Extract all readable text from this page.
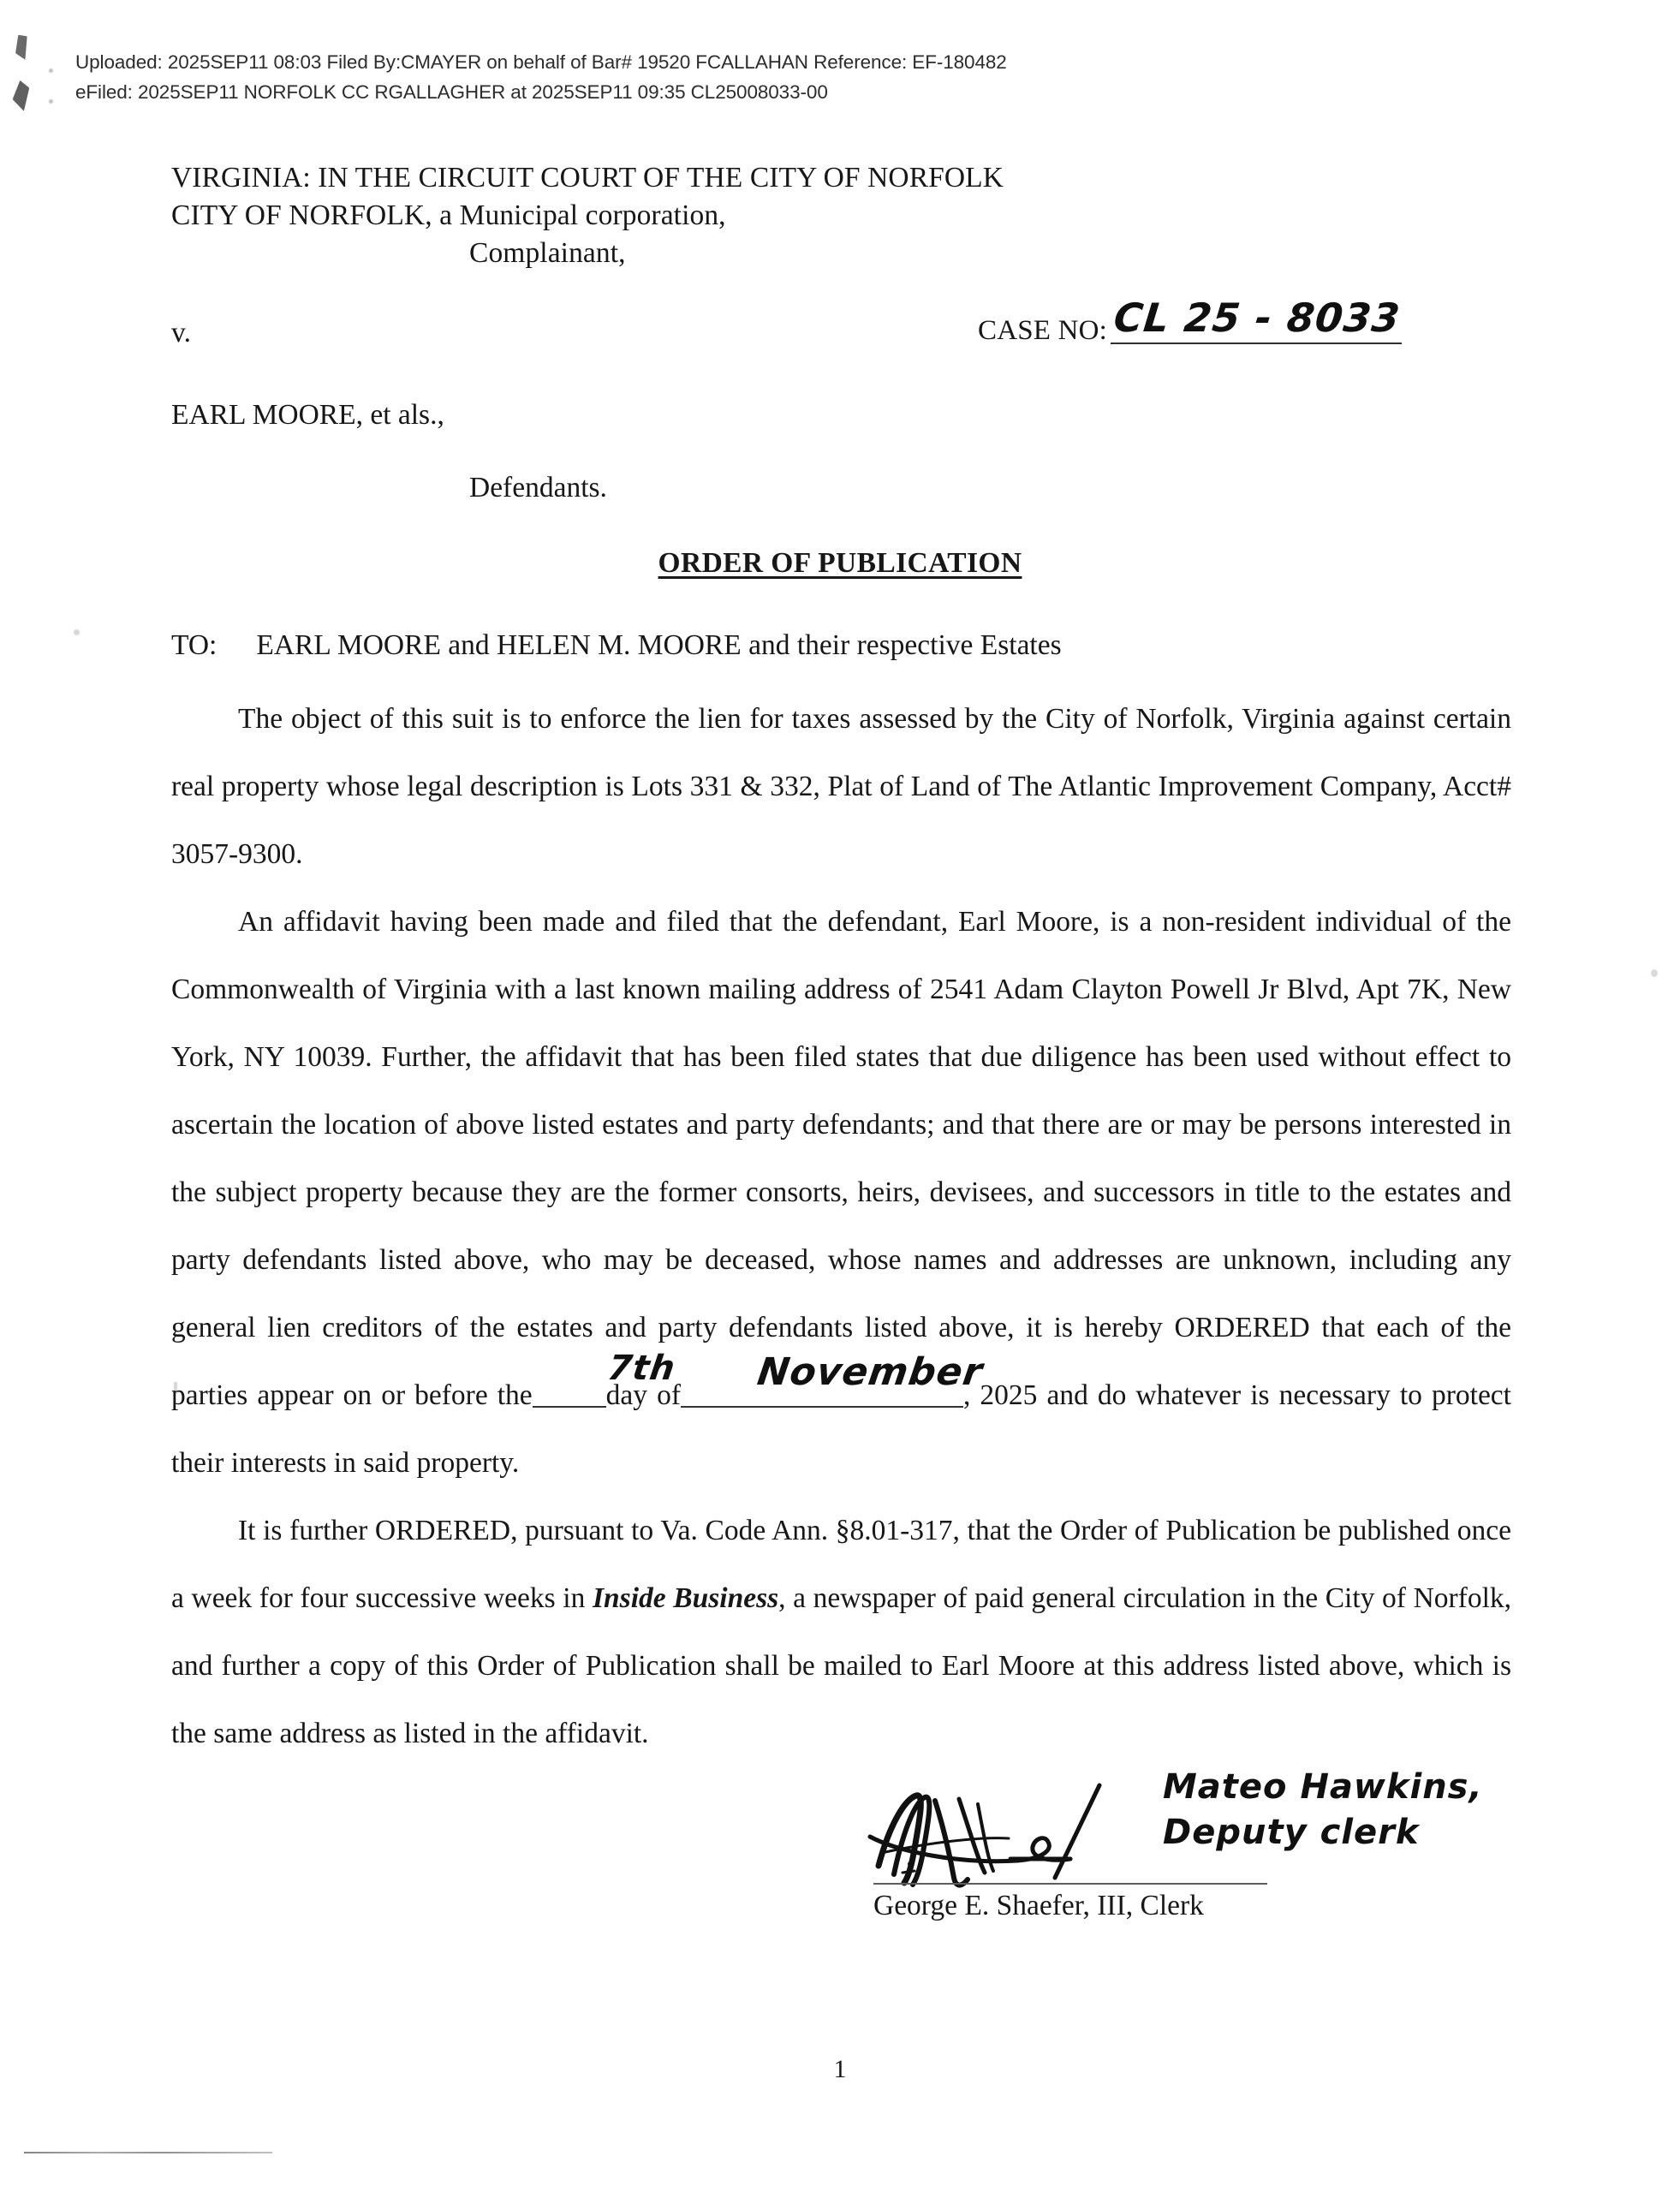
Uploaded: 2025SEP11 08:03 Filed By:CMAYER on behalf of Bar# 19520 FCALLAHAN Reference: EF-180482
eFiled: 2025SEP11 NORFOLK CC RGALLAGHER at 2025SEP11 09:35 CL25008033-00
VIRGINIA: IN THE CIRCUIT COURT OF THE CITY OF NORFOLK
CITY OF NORFOLK, a Municipal corporation,
Complainant,
v.	CASE NO: CL 25 - 8033
EARL MOORE, et als.,
Defendants.
ORDER OF PUBLICATION
TO: EARL MOORE and HELEN M. MOORE and their respective Estates

The object of this suit is to enforce the lien for taxes assessed by the City of Norfolk, Virginia against certain real property whose legal description is Lots 331 & 332, Plat of Land of The Atlantic Improvement Company, Acct# 3057-9300.

An affidavit having been made and filed that the defendant, Earl Moore, is a non-resident individual of the Commonwealth of Virginia with a last known mailing address of 2541 Adam Clayton Powell Jr Blvd, Apt 7K, New York, NY 10039. Further, the affidavit that has been filed states that due diligence has been used without effect to ascertain the location of above listed estates and party defendants; and that there are or may be persons interested in the subject property because they are the former consorts, heirs, devisees, and successors in title to the estates and party defendants listed above, who may be deceased, whose names and addresses are unknown, including any general lien creditors of the estates and party defendants listed above, it is hereby ORDERED that each of the parties appear on or before the
7th
day of
November
, 2025 and do whatever is necessary to protect their interests in said property.

It is further ORDERED, pursuant to Va. Code Ann. §8.01-317, that the Order of Publication be published once a week for four successive weeks in Inside Business, a newspaper of paid general circulation in the City of Norfolk, and further a copy of this Order of Publication shall be mailed to Earl Moore at this address listed above, which is the same address as listed in the affidavit.

Mateo Hawkins,
Deputy clerk
George E. Shaefer, III, Clerk
1
